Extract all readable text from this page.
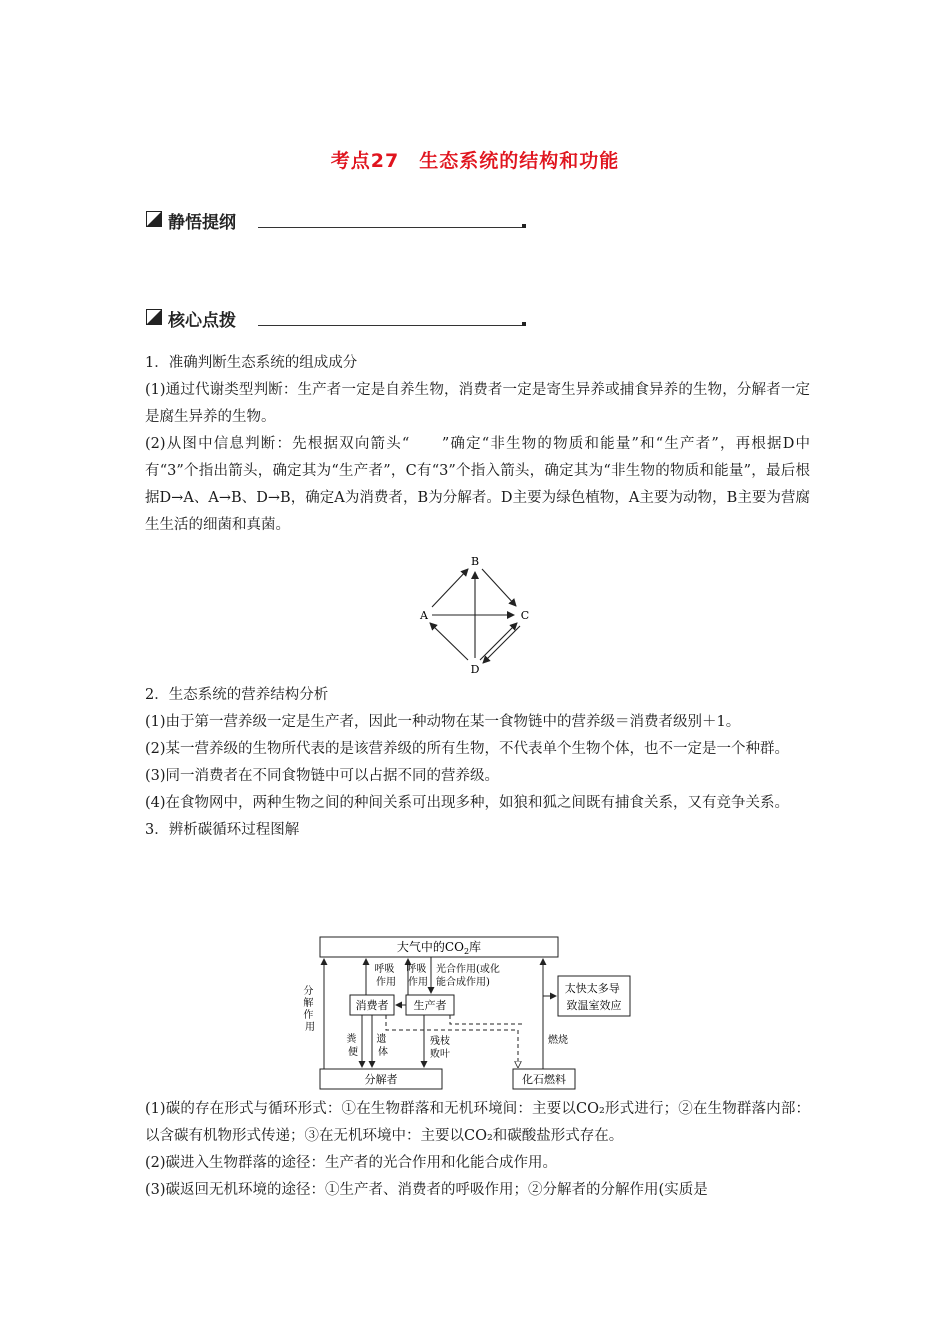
考点27　生态系统的结构和功能
静悟提纲
核心点拨

1．准确判断生态系统的组成成分

(1)通过代谢类型判断：生产者一定是自养生物，消费者一定是寄生异养或捕食异养的生物，分解者一定是腐生异养的生物。

(2)从图中信息判断：先根据双向箭头“　　”确定“非生物的物质和能量”和“生产者”，再根据D中有“3”个指出箭头，确定其为“生产者”，C有“3”个指入箭头，确定其为“非生物的物质和能量”，最后根据D→A、A→B、D→B，确定A为消费者，B为分解者。D主要为绿色植物，A主要为动物，B主要为营腐生生活的细菌和真菌。

B
A	C
D

2．生态系统的营养结构分析

(1)由于第一营养级一定是生产者，因此一种动物在某一食物链中的营养级＝消费者级别＋1。

(2)某一营养级的生物所代表的是该营养级的所有生物，不代表单个生物个体，也不一定是一个种群。

(3)同一消费者在不同食物链中可以占据不同的营养级。

(4)在食物网中，两种生物之间的种间关系可出现多种，如狼和狐之间既有捕食关系，又有竞争关系。

3．辨析碳循环过程图解

大气中的$CO_2$库
分 解 作 用
呼吸 作用
呼吸 作用
光合作用(或化 能合成作用)
消费者 生产者
太快太多导 致温室效应
粪 便
遗 体
残枝 败叶
燃烧
分解者	化石燃料

(1)碳的存在形式与循环形式：①在生物群落和无机环境间：主要以CO₂形式进行；②在生物群落内部：以含碳有机物形式传递；③在无机环境中：主要以CO₂和碳酸盐形式存在。

(2)碳进入生物群落的途径：生产者的光合作用和化能合成作用。

(3)碳返回无机环境的途径：①生产者、消费者的呼吸作用；②分解者的分解作用(实质是
